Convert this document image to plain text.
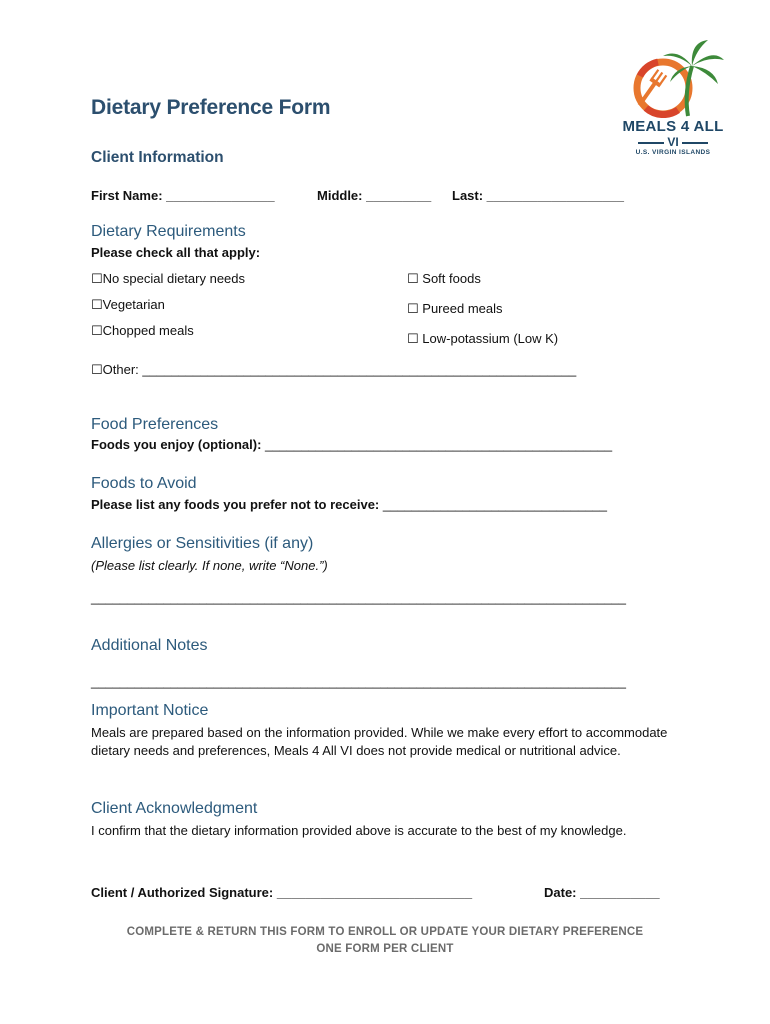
MEALS 4 ALL
VI
U.S. VIRGIN ISLANDS
Dietary Preference Form
Client Information
First Name: _______________	Middle: _________ Last: ___________________
Dietary Requirements
Please check all that apply:
☐No special dietary needs
☐Vegetarian
☐Chopped meals
☐ Soft foods
☐ Pureed meals
☐ Low-potassium (Low K)
☐Other: ____________________________________________________________
Food Preferences
Foods you enjoy (optional): ________________________________________________
Foods to Avoid
Please list any foods you prefer not to receive: _______________________________
Allergies or Sensitivities (if any)
(Please list clearly. If none, write “None.”)
__________________________________________________________________________
Additional Notes
__________________________________________________________________________
Important Notice
Meals are prepared based on the information provided. While we make every effort to accommodate dietary needs and preferences, Meals 4 All VI does not provide medical or nutritional advice.
Client Acknowledgment
I confirm that the dietary information provided above is accurate to the best of my knowledge.
Client / Authorized Signature: ___________________________	Date: ___________
COMPLETE & RETURN THIS FORM TO ENROLL OR UPDATE YOUR DIETARY PREFERENCE
ONE FORM PER CLIENT
